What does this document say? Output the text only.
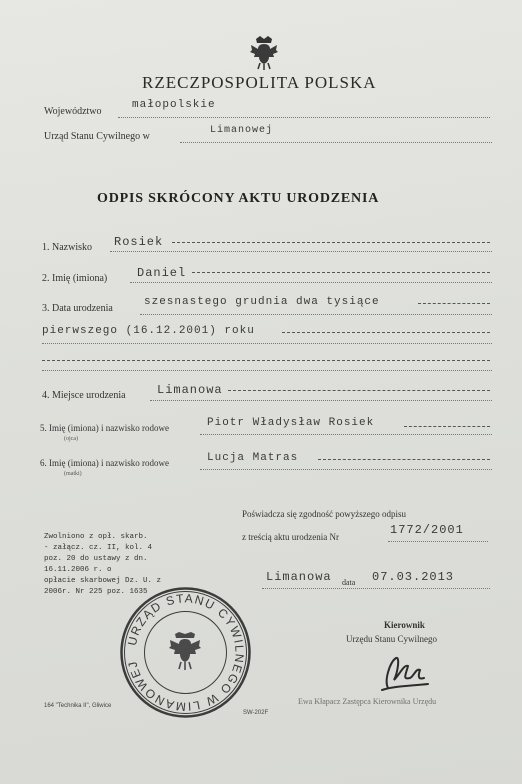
RZECZPOSPOLITA POLSKA
Województwo
małopolskie
Urząd Stanu Cywilnego w
Limanowej
ODPIS SKRÓCONY AKTU URODZENIA
1. Nazwisko Rosiek
2. Imię (imiona) Daniel
3. Data urodzenia
szesnastego grudnia dwa tysiące
pierwszego (16.12.2001) roku
4. Miejsce urodzenia	Limanowa
5. Imię (imiona) i nazwisko rodowe
(ojca)
Piotr Władysław Rosiek
6. Imię (imiona) i nazwisko rodowe
(matki)
Lucja Matras
Poświadcza się zgodność powyższego odpisu
z treścią aktu urodzenia Nr	1772/2001
Limanowa data 07.03.2013
Zwolniono z opł. skarb.
- załącz. cz. II, kol. 4
poz. 20 do ustawy z dn.
16.11.2006 r. o
opłacie skarbowej Dz. U. z
2006r. Nr 225 poz. 1635
URZĄD STANU CYWILNEGO W LIMANOWEJ
Kierownik
Urzędu Stanu Cywilnego
Ewa Kłapacz Zastępca Kierownika Urzędu
164 "Technika II", Gliwice
SW-202F
